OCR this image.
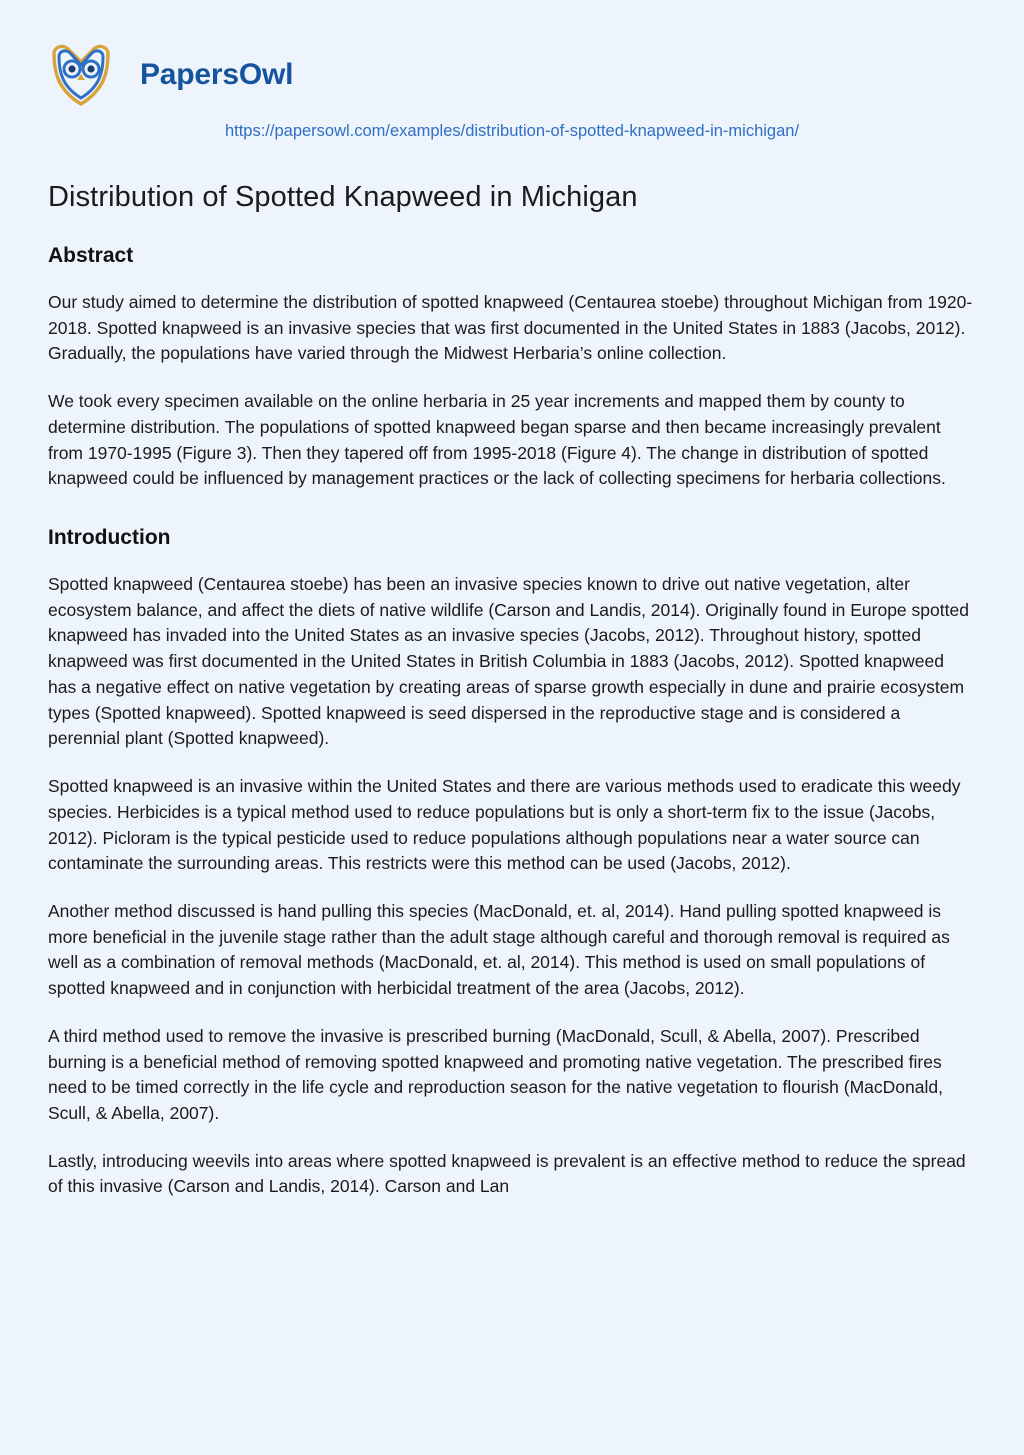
PapersOwl
https://papersowl.com/examples/distribution-of-spotted-knapweed-in-michigan/
Distribution of Spotted Knapweed in Michigan
Abstract

Our study aimed to determine the distribution of spotted knapweed (Centaurea stoebe) throughout Michigan from 1920-2018. Spotted knapweed is an invasive species that was first documented in the United States in 1883 (Jacobs, 2012). Gradually, the populations have varied through the Midwest Herbaria’s online collection.

We took every specimen available on the online herbaria in 25 year increments and mapped them by county to determine distribution. The populations of spotted knapweed began sparse and then became increasingly prevalent from 1970-1995 (Figure 3). Then they tapered off from 1995-2018 (Figure 4). The change in distribution of spotted knapweed could be influenced by management practices or the lack of collecting specimens for herbaria collections.

Introduction

Spotted knapweed (Centaurea stoebe) has been an invasive species known to drive out native vegetation, alter ecosystem balance, and affect the diets of native wildlife (Carson and Landis, 2014). Originally found in Europe spotted knapweed has invaded into the United States as an invasive species (Jacobs, 2012). Throughout history, spotted knapweed was first documented in the United States in British Columbia in 1883 (Jacobs, 2012). Spotted knapweed has a negative effect on native vegetation by creating areas of sparse growth especially in dune and prairie ecosystem types (Spotted knapweed). Spotted knapweed is seed dispersed in the reproductive stage and is considered a perennial plant (Spotted knapweed).

Spotted knapweed is an invasive within the United States and there are various methods used to eradicate this weedy species. Herbicides is a typical method used to reduce populations but is only a short-term fix to the issue (Jacobs, 2012). Picloram is the typical pesticide used to reduce populations although populations near a water source can contaminate the surrounding areas. This restricts were this method can be used (Jacobs, 2012).

Another method discussed is hand pulling this species (MacDonald, et. al, 2014). Hand pulling spotted knapweed is more beneficial in the juvenile stage rather than the adult stage although careful and thorough removal is required as well as a combination of removal methods (MacDonald, et. al, 2014). This method is used on small populations of spotted knapweed and in conjunction with herbicidal treatment of the area (Jacobs, 2012).

A third method used to remove the invasive is prescribed burning (MacDonald, Scull, & Abella, 2007). Prescribed burning is a beneficial method of removing spotted knapweed and promoting native vegetation. The prescribed fires need to be timed correctly in the life cycle and reproduction season for the native vegetation to flourish (MacDonald, Scull, & Abella, 2007).

Lastly, introducing weevils into areas where spotted knapweed is prevalent is an effective method to reduce the spread of this invasive (Carson and Landis, 2014). Carson and Lan
